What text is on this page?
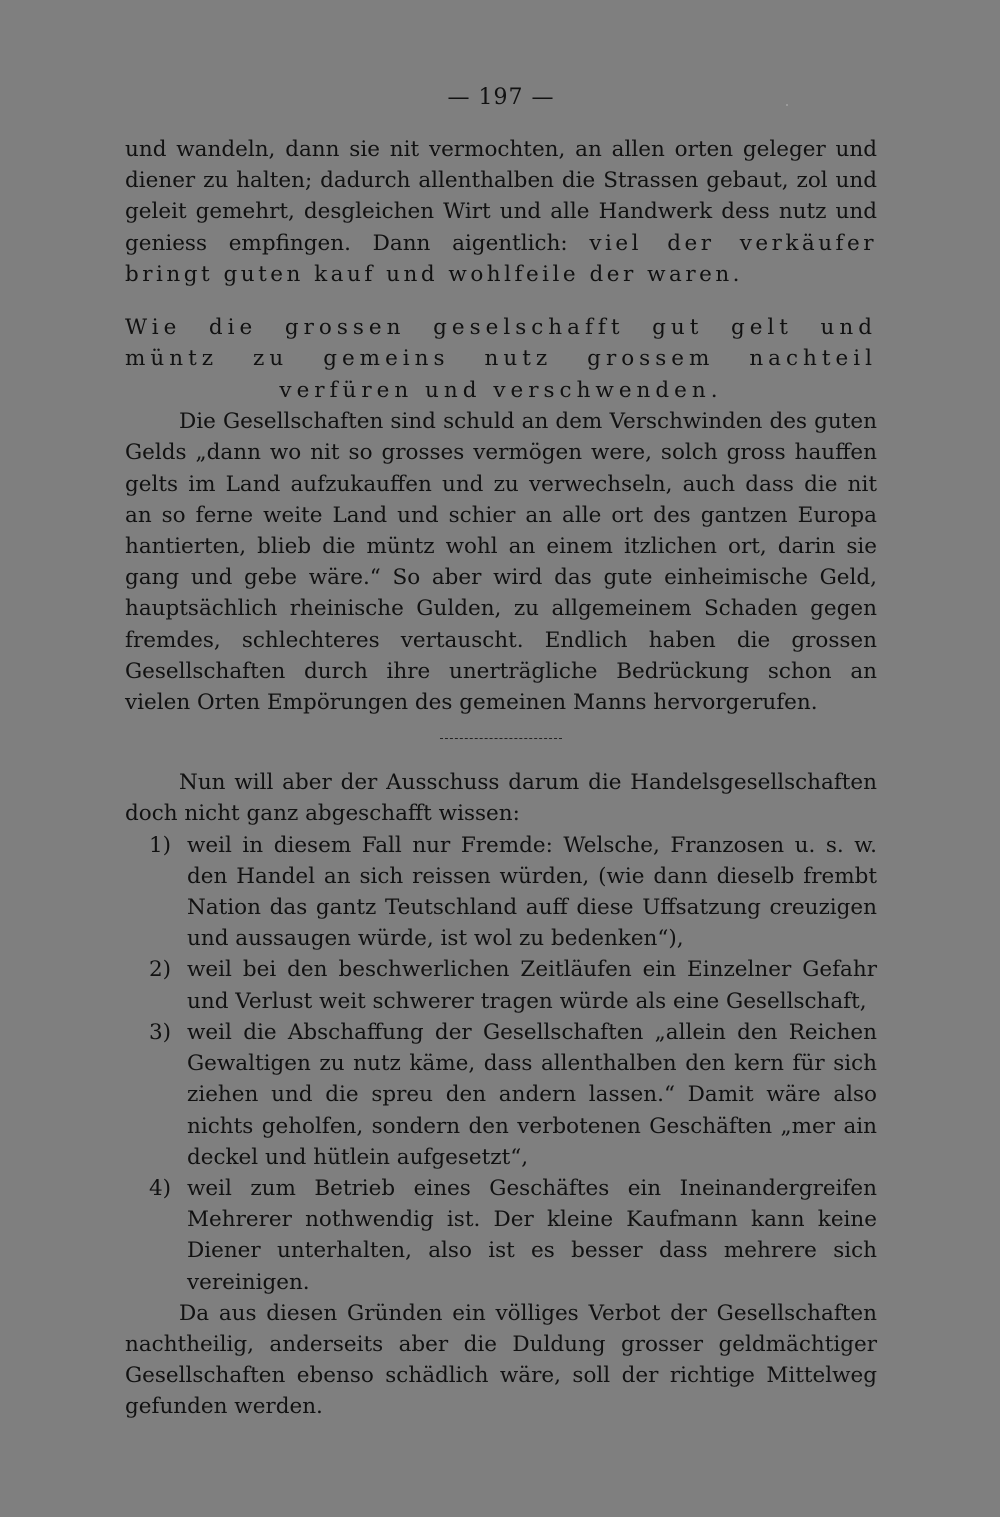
— 197 —

und wandeln, dann sie nit vermochten, an allen orten geleger und diener zu halten; dadurch allenthalben die Strassen gebaut, zol und geleit gemehrt, desgleichen Wirt und alle Handwerk dess nutz und geniess empfingen. Dann aigentlich: viel der verkäufer bringt guten kauf und wohlfeile der waren.

Wie die grossen geselschafft gut gelt und müntz zu gemeins nutz grossem nachteil verfüren und verschwenden.

Die Gesellschaften sind schuld an dem Verschwinden des guten Gelds „dann wo nit so grosses vermögen were, solch gross hauffen gelts im Land aufzukauffen und zu verwechseln, auch dass die nit an so ferne weite Land und schier an alle ort des gantzen Europa hantierten, blieb die müntz wohl an einem itzlichen ort, darin sie gang und gebe wäre.“ So aber wird das gute einheimische Geld, hauptsächlich rheinische Gulden, zu allgemeinem Schaden gegen fremdes, schlechteres vertauscht. Endlich haben die grossen Gesellschaften durch ihre unerträgliche Bedrückung schon an vielen Orten Empörungen des gemeinen Manns hervorgerufen.

Nun will aber der Ausschuss darum die Handelsgesellschaften doch nicht ganz abgeschafft wissen:

1) weil in diesem Fall nur Fremde: Welsche, Franzosen u. s. w. den Handel an sich reissen würden, (wie dann dieselb frembt Nation das gantz Teutschland auff diese Uffsatzung creuzigen und aussaugen würde, ist wol zu bedenken“),

2) weil bei den beschwerlichen Zeitläufen ein Einzelner Gefahr und Verlust weit schwerer tragen würde als eine Gesellschaft,

3) weil die Abschaffung der Gesellschaften „allein den Reichen Gewaltigen zu nutz käme, dass allenthalben den kern für sich ziehen und die spreu den andern lassen.“ Damit wäre also nichts geholfen, sondern den verbotenen Geschäften „mer ain deckel und hütlein aufgesetzt“,

4) weil zum Betrieb eines Geschäftes ein Ineinandergreifen Mehrerer nothwendig ist. Der kleine Kaufmann kann keine Diener unterhalten, also ist es besser dass mehrere sich vereinigen.

Da aus diesen Gründen ein völliges Verbot der Gesellschaften nachtheilig, anderseits aber die Duldung grosser geldmächtiger Gesellschaften ebenso schädlich wäre, soll der richtige Mittelweg gefunden werden.
